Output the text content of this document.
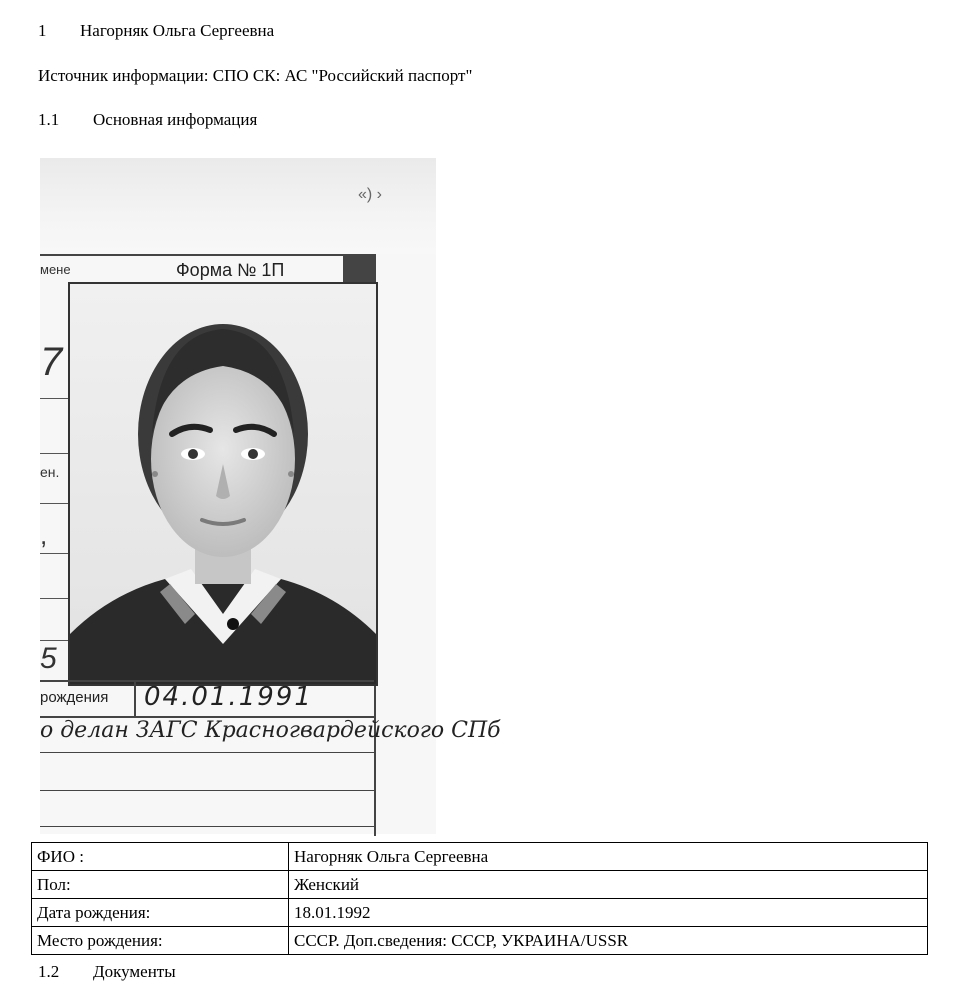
1 Нагорняк Ольга Сергеевна
Источник информации: СПО СК: АС "Российский паспорт"
1.1 Основная информация
«) ›
мене	Форма № 1П
7
ен.
,
5
рождения 04.01.1991
о делан ЗАГС Красногвардейского СПб
ФИО :	Нагорняк Ольга Сергеевна
Пол:	Женский
Дата рождения:	18.01.1992
Место рождения:	СССР. Доп.сведения: СССР, УКРАИНА/USSR
1.2 Документы
